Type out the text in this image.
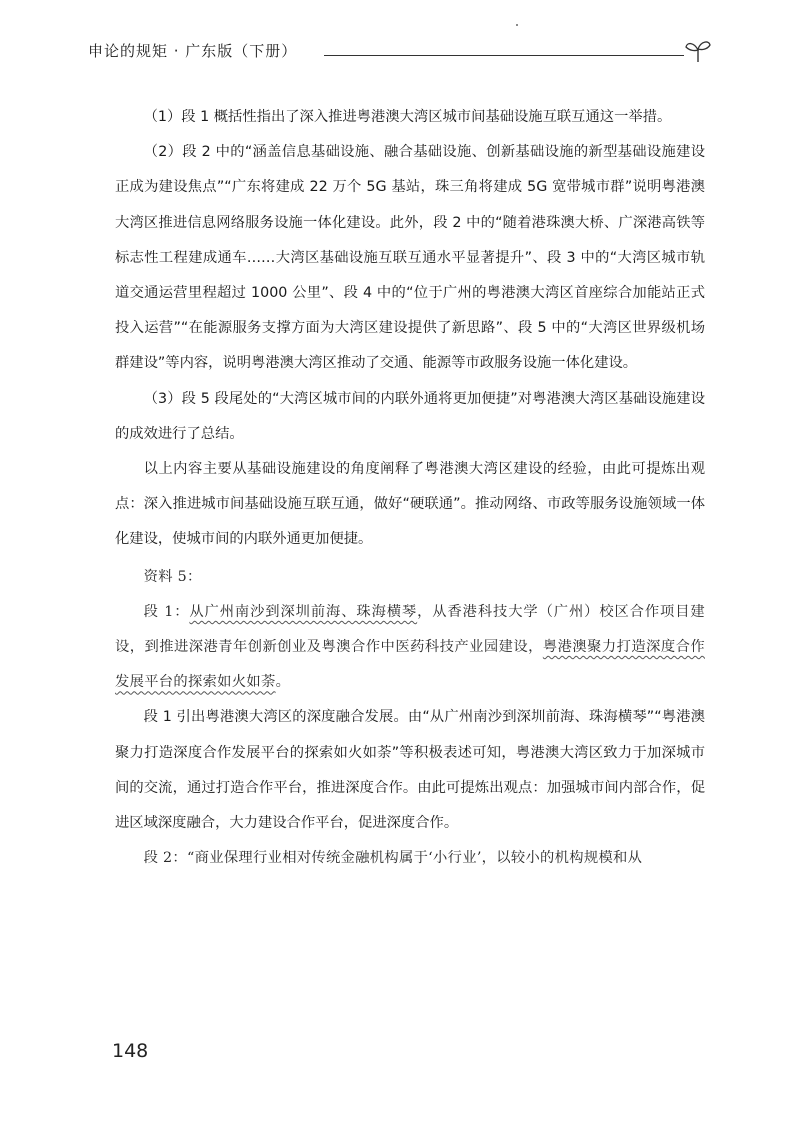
申论的规矩 · 广东版（下册）

（1）段 1 概括性指出了深入推进粤港澳大湾区城市间基础设施互联互通这一举措。

（2）段 2 中的“涵盖信息基础设施、融合基础设施、创新基础设施的新型基础设施建设正成为建设焦点”“广东将建成 22 万个 5G 基站，珠三角将建成 5G 宽带城市群”说明粤港澳大湾区推进信息网络服务设施一体化建设。此外，段 2 中的“随着港珠澳大桥、广深港高铁等标志性工程建成通车……大湾区基础设施互联互通水平显著提升”、段 3 中的“大湾区城市轨道交通运营里程超过 1000 公里”、段 4 中的“位于广州的粤港澳大湾区首座综合加能站正式投入运营”“在能源服务支撑方面为大湾区建设提供了新思路”、段 5 中的“大湾区世界级机场群建设”等内容，说明粤港澳大湾区推动了交通、能源等市政服务设施一体化建设。

（3）段 5 段尾处的“大湾区城市间的内联外通将更加便捷”对粤港澳大湾区基础设施建设的成效进行了总结。

以上内容主要从基础设施建设的角度阐释了粤港澳大湾区建设的经验，由此可提炼出观点：深入推进城市间基础设施互联互通，做好“硬联通”。推动网络、市政等服务设施领域一体化建设，使城市间的内联外通更加便捷。

资料 5：

段 1：从广州南沙到深圳前海、珠海横琴，从香港科技大学（广州）校区合作项目建设，到推进深港青年创新创业及粤澳合作中医药科技产业园建设，粤港澳聚力打造深度合作发展平台的探索如火如荼。

段 1 引出粤港澳大湾区的深度融合发展。由“从广州南沙到深圳前海、珠海横琴”“粤港澳聚力打造深度合作发展平台的探索如火如荼”等积极表述可知，粤港澳大湾区致力于加深城市间的交流，通过打造合作平台，推进深度合作。由此可提炼出观点：加强城市间内部合作，促进区域深度融合，大力建设合作平台，促进深度合作。

段 2：“商业保理行业相对传统金融机构属于‘小行业’，以较小的机构规模和从

148
